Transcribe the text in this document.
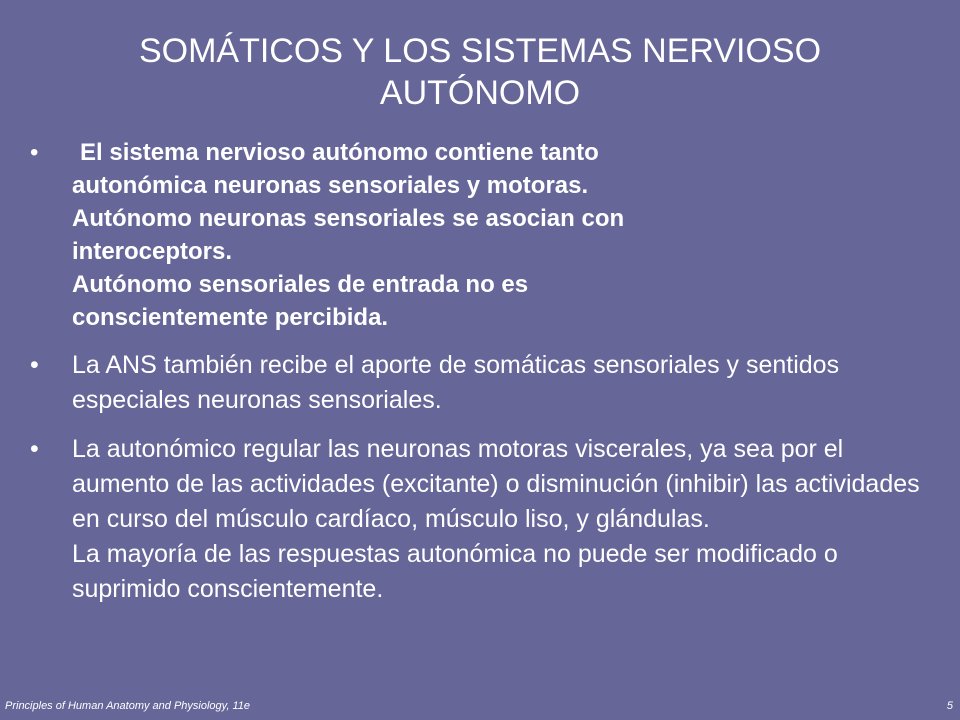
SOMÁTICOS Y LOS SISTEMAS NERVIOSO
AUTÓNOMO
•	El sistema nervioso autónomo contiene tanto
autonómica neuronas sensoriales y motoras.
Autónomo neuronas sensoriales se asocian con
interoceptors.
Autónomo sensoriales de entrada no es
conscientemente percibida.
• La ANS también recibe el aporte de somáticas sensoriales y sentidos especiales neuronas sensoriales.
• La autonómico regular las neuronas motoras viscerales, ya sea por el aumento de las actividades (excitante) o disminución (inhibir) las actividades en curso del músculo cardíaco, músculo liso, y glándulas.
La mayoría de las respuestas autonómica no puede ser modificado o suprimido conscientemente.
Principles of Human Anatomy and Physiology, 11e	5
